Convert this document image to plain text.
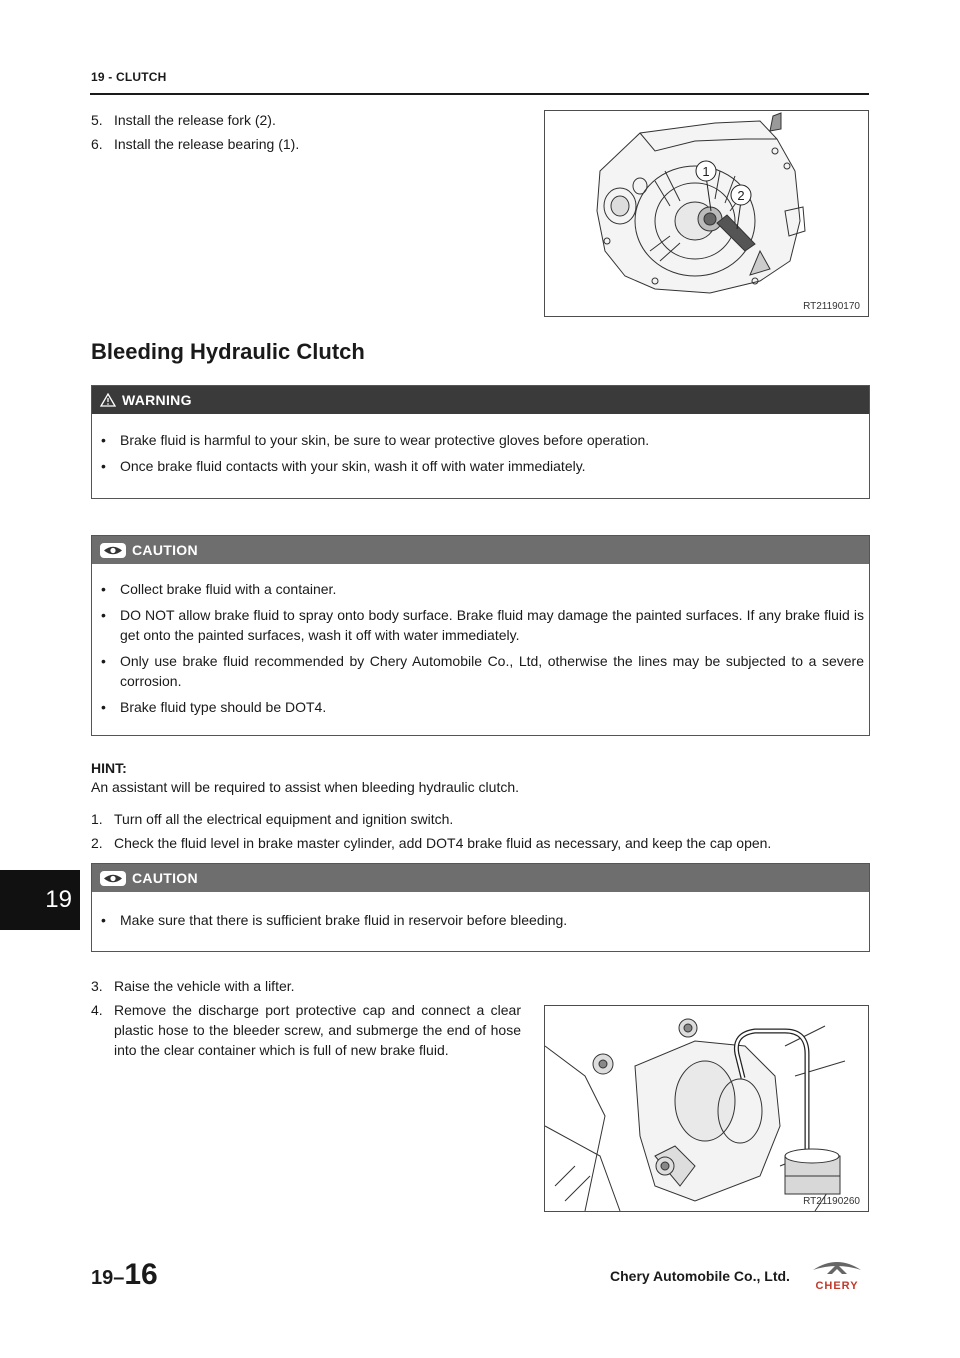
19 - CLUTCH
5. Install the release fork (2).
6. Install the release bearing (1).
1
2
RT21190170
Bleeding Hydraulic Clutch
WARNING
• Brake fluid is harmful to your skin, be sure to wear protective gloves before operation.
• Once brake fluid contacts with your skin, wash it off with water immediately.
CAUTION
• Collect brake fluid with a container.
• DO NOT allow brake fluid to spray onto body surface. Brake fluid may damage the painted surfaces. If any brake fluid is get onto the painted surfaces, wash it off with water immediately.
• Only use brake fluid recommended by Chery Automobile Co., Ltd, otherwise the lines may be subjected to a severe corrosion.
• Brake fluid type should be DOT4.
HINT:
An assistant will be required to assist when bleeding hydraulic clutch.
1. Turn off all the electrical equipment and ignition switch.
2. Check the fluid level in brake master cylinder, add DOT4 brake fluid as necessary, and keep the cap open.
CAUTION
• Make sure that there is sufficient brake fluid in reservoir before bleeding.
19
3. Raise the vehicle with a lifter.
4. Remove the discharge port protective cap and connect a clear plastic hose to the bleeder screw, and submerge the end of hose into the clear container which is full of new brake fluid.
RT21190260
19–16	Chery Automobile Co., Ltd.
CHERY
